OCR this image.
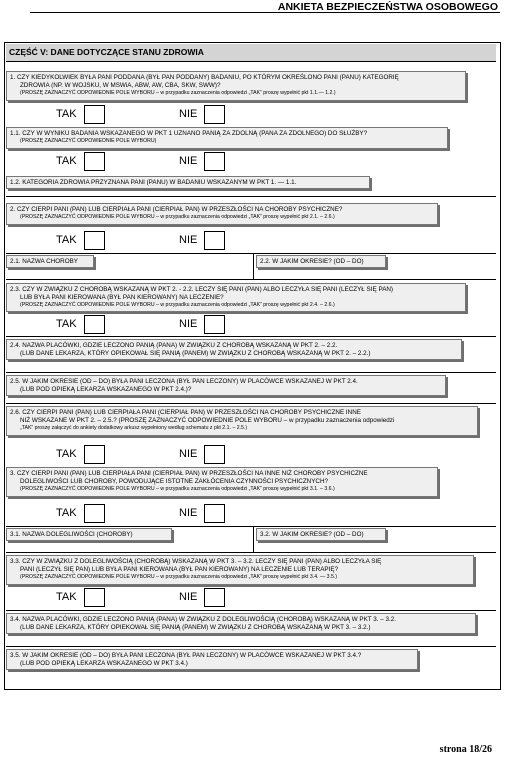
ANKIETA BEZPIECZEŃSTWA OSOBOWEGO
CZĘŚĆ V: DANE DOTYCZĄCE STANU ZDROWIA
1. CZY KIEDYKOLWIEK BYŁA PANI PODDANA (BYŁ PAN PODDANY) BADANIU, PO KTÓRYM OKREŚLONO PANI (PANU) KATEGORIĘ
ZDROWIA (NP. W WOJSKU, W MSWiA, ABW, AW, CBA, SKW, SWW)?
(PROSZĘ ZAZNACZYĆ ODPOWIEDNIE POLE WYBORU – w przypadku zaznaczenia odpowiedzi „TAK” proszę wypełnić pkt 1.1.— 1.2.)
TAK	NIE
1.1. CZY W WYNIKU BADANIA WSKAZANEGO W PKT 1 UZNANO PANIĄ ZA ZDOLNĄ (PANA ZA ZDOLNEGO) DO SŁUŻBY?
(PROSZĘ ZAZNACZYĆ ODPOWIEDNIE POLE WYBORU)
TAK	NIE
1.2. KATEGORIA ZDROWIA PRZYZNANA PANI (PANU) W BADANIU WSKAZANYM W PKT 1. — 1.1.
2. CZY CIERPI PANI (PAN) LUB CIERPIAŁA PANI (CIERPIAŁ PAN) W PRZESZŁOŚCI NA CHOROBY PSYCHICZNE?
(PROSZĘ ZAZNACZYĆ ODPOWIEDNIE POLE WYBORU – w przypadku zaznaczenia odpowiedzi „TAK” proszę wypełnić pkt 2.1. – 2.6.)
TAK	NIE
2.1. NAZWA CHOROBY	2.2. W JAKIM OKRESIE? (OD – DO)
2.3. CZY W ZWIĄZKU Z CHOROBĄ WSKAZANĄ W PKT 2. - 2.2. LECZY SIĘ PANI (PAN) ALBO LECZYŁA SIĘ PANI (LECZYŁ SIĘ PAN)
LUB BYŁA PANI KIEROWANA (BYŁ PAN KIEROWANY) NA LECZENIE?
(PROSZĘ ZAZNACZYĆ ODPOWIEDNIE POLE WYBORU – w przypadku zaznaczenia odpowiedzi „TAK” proszę wypełnić pkt 2.4. – 2.6.)
TAK	NIE
2.4. NAZWA PLACÓWKI, GDZIE LECZONO PANIĄ (PANA) W ZWIĄZKU Z CHOROBĄ WSKAZANĄ W PKT 2. – 2.2.
(LUB DANE LEKARZA, KTÓRY OPIEKOWAŁ SIĘ PANIĄ (PANEM) W ZWIĄZKU Z CHOROBĄ WSKAZANĄ W PKT 2. – 2.2.)
2.5. W JAKIM OKRESIE (OD – DO) BYŁA PANI LECZONA (BYŁ PAN LECZONY) W PLACÓWCE WSKAZANEJ W PKT 2.4.
(LUB POD OPIEKĄ LEKARZA WSKAZANEGO W PKT 2.4.)?
2.6. CZY CIERPI PANI (PAN) LUB CIERPIAŁA PANI (CIERPIAŁ PAN) W PRZESZŁOŚCI NA CHOROBY PSYCHICZNE INNE
NIŻ WSKAZANE W PKT 2. – 2.5.? (PROSZĘ ZAZNACZYĆ ODPOWIEDNIE POLE WYBORU – w przypadku zaznaczenia odpowiedzi
„TAK” proszę załączyć do ankiety dodatkowy arkusz wypełniony według schematu z pkt 2.1. – 2.5.)
TAK	NIE
3. CZY CIERPI PANI (PAN) LUB CIERPIAŁA PANI (CIERPIAŁ PAN) W PRZESZŁOŚCI NA INNE NIŻ CHOROBY PSYCHICZNE
DOLEGLIWOŚCI LUB CHOROBY, POWODUJĄCE ISTOTNE ZAKŁÓCENIA CZYNNOŚCI PSYCHICZNYCH?
(PROSZĘ ZAZNACZYĆ ODPOWIEDNIE POLE WYBORU – w przypadku zaznaczenia odpowiedzi „TAK” proszę wypełnić pkt 3.1. – 3.6.)
TAK	NIE
3.1. NAZWA DOLEGLIWOŚCI (CHOROBY)	3.2. W JAKIM OKRESIE? (OD – DO)
3.3. CZY W ZWIĄZKU Z DOLEGLIWOŚCIĄ (CHOROBĄ) WSKAZANĄ W PKT 3. – 3.2. LECZY SIĘ PANI (PAN) ALBO LECZYŁA SIĘ
PANI (LECZYŁ SIĘ PAN) LUB BYŁA PANI KIEROWANA (BYŁ PAN KIEROWANY) NA LECZENIE LUB TERAPIĘ?
(PROSZĘ ZAZNACZYĆ ODPOWIEDNIE POLE WYBORU – w przypadku zaznaczenia odpowiedzi „TAK” proszę wypełnić pkt 3.4. — 3.5.)
TAK	NIE
3.4. NAZWA PLACÓWKI, GDZIE LECZONO PANIĄ (PANA) W ZWIĄZKU Z DOLEGLIWOŚCIĄ (CHOROBĄ) WSKAZANĄ W PKT 3. – 3.2.
(LUB DANE LEKARZA, KTÓRY OPIEKOWAŁ SIĘ PANIĄ (PANEM) W ZWIĄZKU Z CHOROBĄ WSKAZANĄ W PKT 3. – 3.2.)
3.5. W JAKIM OKRESIE (OD – DO) BYŁA PANI LECZONA (BYŁ PAN LECZONY) W PLACÓWCE WSKAZANEJ W PKT 3.4.?
(LUB POD OPIEKĄ LEKARZA WSKAZANEGO W PKT 3.4.)
strona 18/26
